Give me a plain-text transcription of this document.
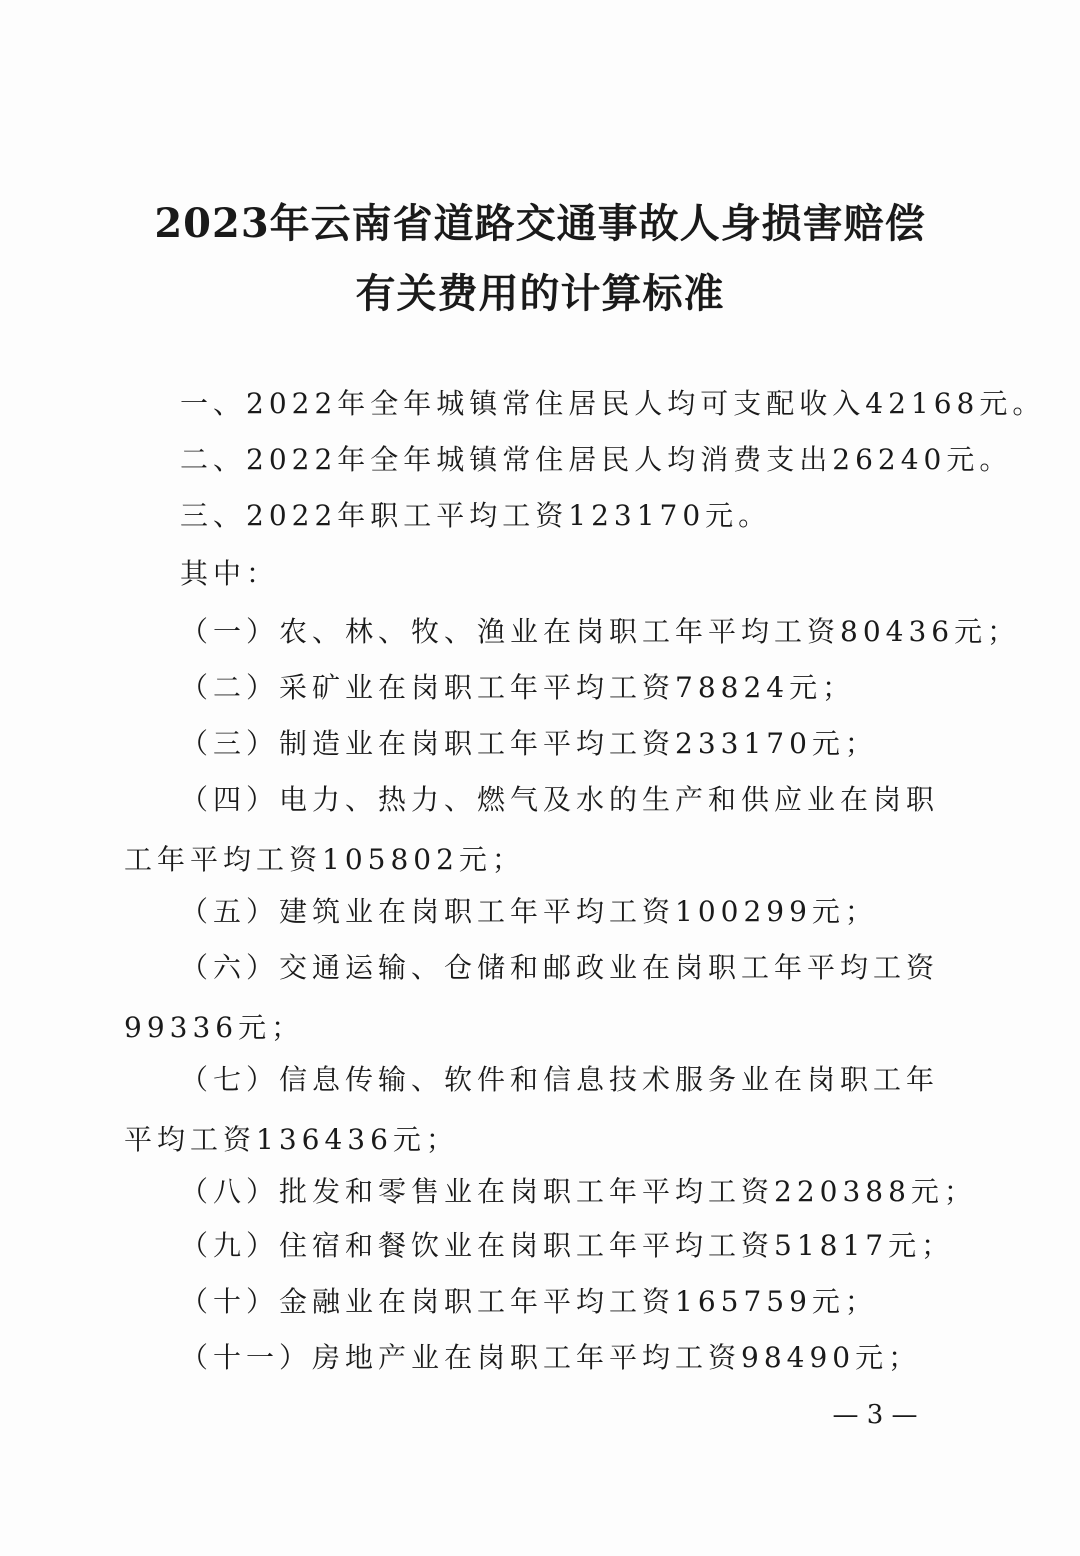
2023年云南省道路交通事故人身损害赔偿
有关费用的计算标准
一、2022年全年城镇常住居民人均可支配收入42168元。
二、2022年全年城镇常住居民人均消费支出26240元。
三、2022年职工平均工资123170元。
其中：
（一）农、林、牧、渔业在岗职工年平均工资80436元；
（二）采矿业在岗职工年平均工资78824元；
（三）制造业在岗职工年平均工资233170元；
（四）电力、热力、燃气及水的生产和供应业在岗职工年平均工资105802元；
（五）建筑业在岗职工年平均工资100299元；
（六）交通运输、仓储和邮政业在岗职工年平均工资99336元；
（七）信息传输、软件和信息技术服务业在岗职工年平均工资136436元；
（八）批发和零售业在岗职工年平均工资220388元；
（九）住宿和餐饮业在岗职工年平均工资51817元；
（十）金融业在岗职工年平均工资165759元；
（十一）房地产业在岗职工年平均工资98490元；
— 3 —
